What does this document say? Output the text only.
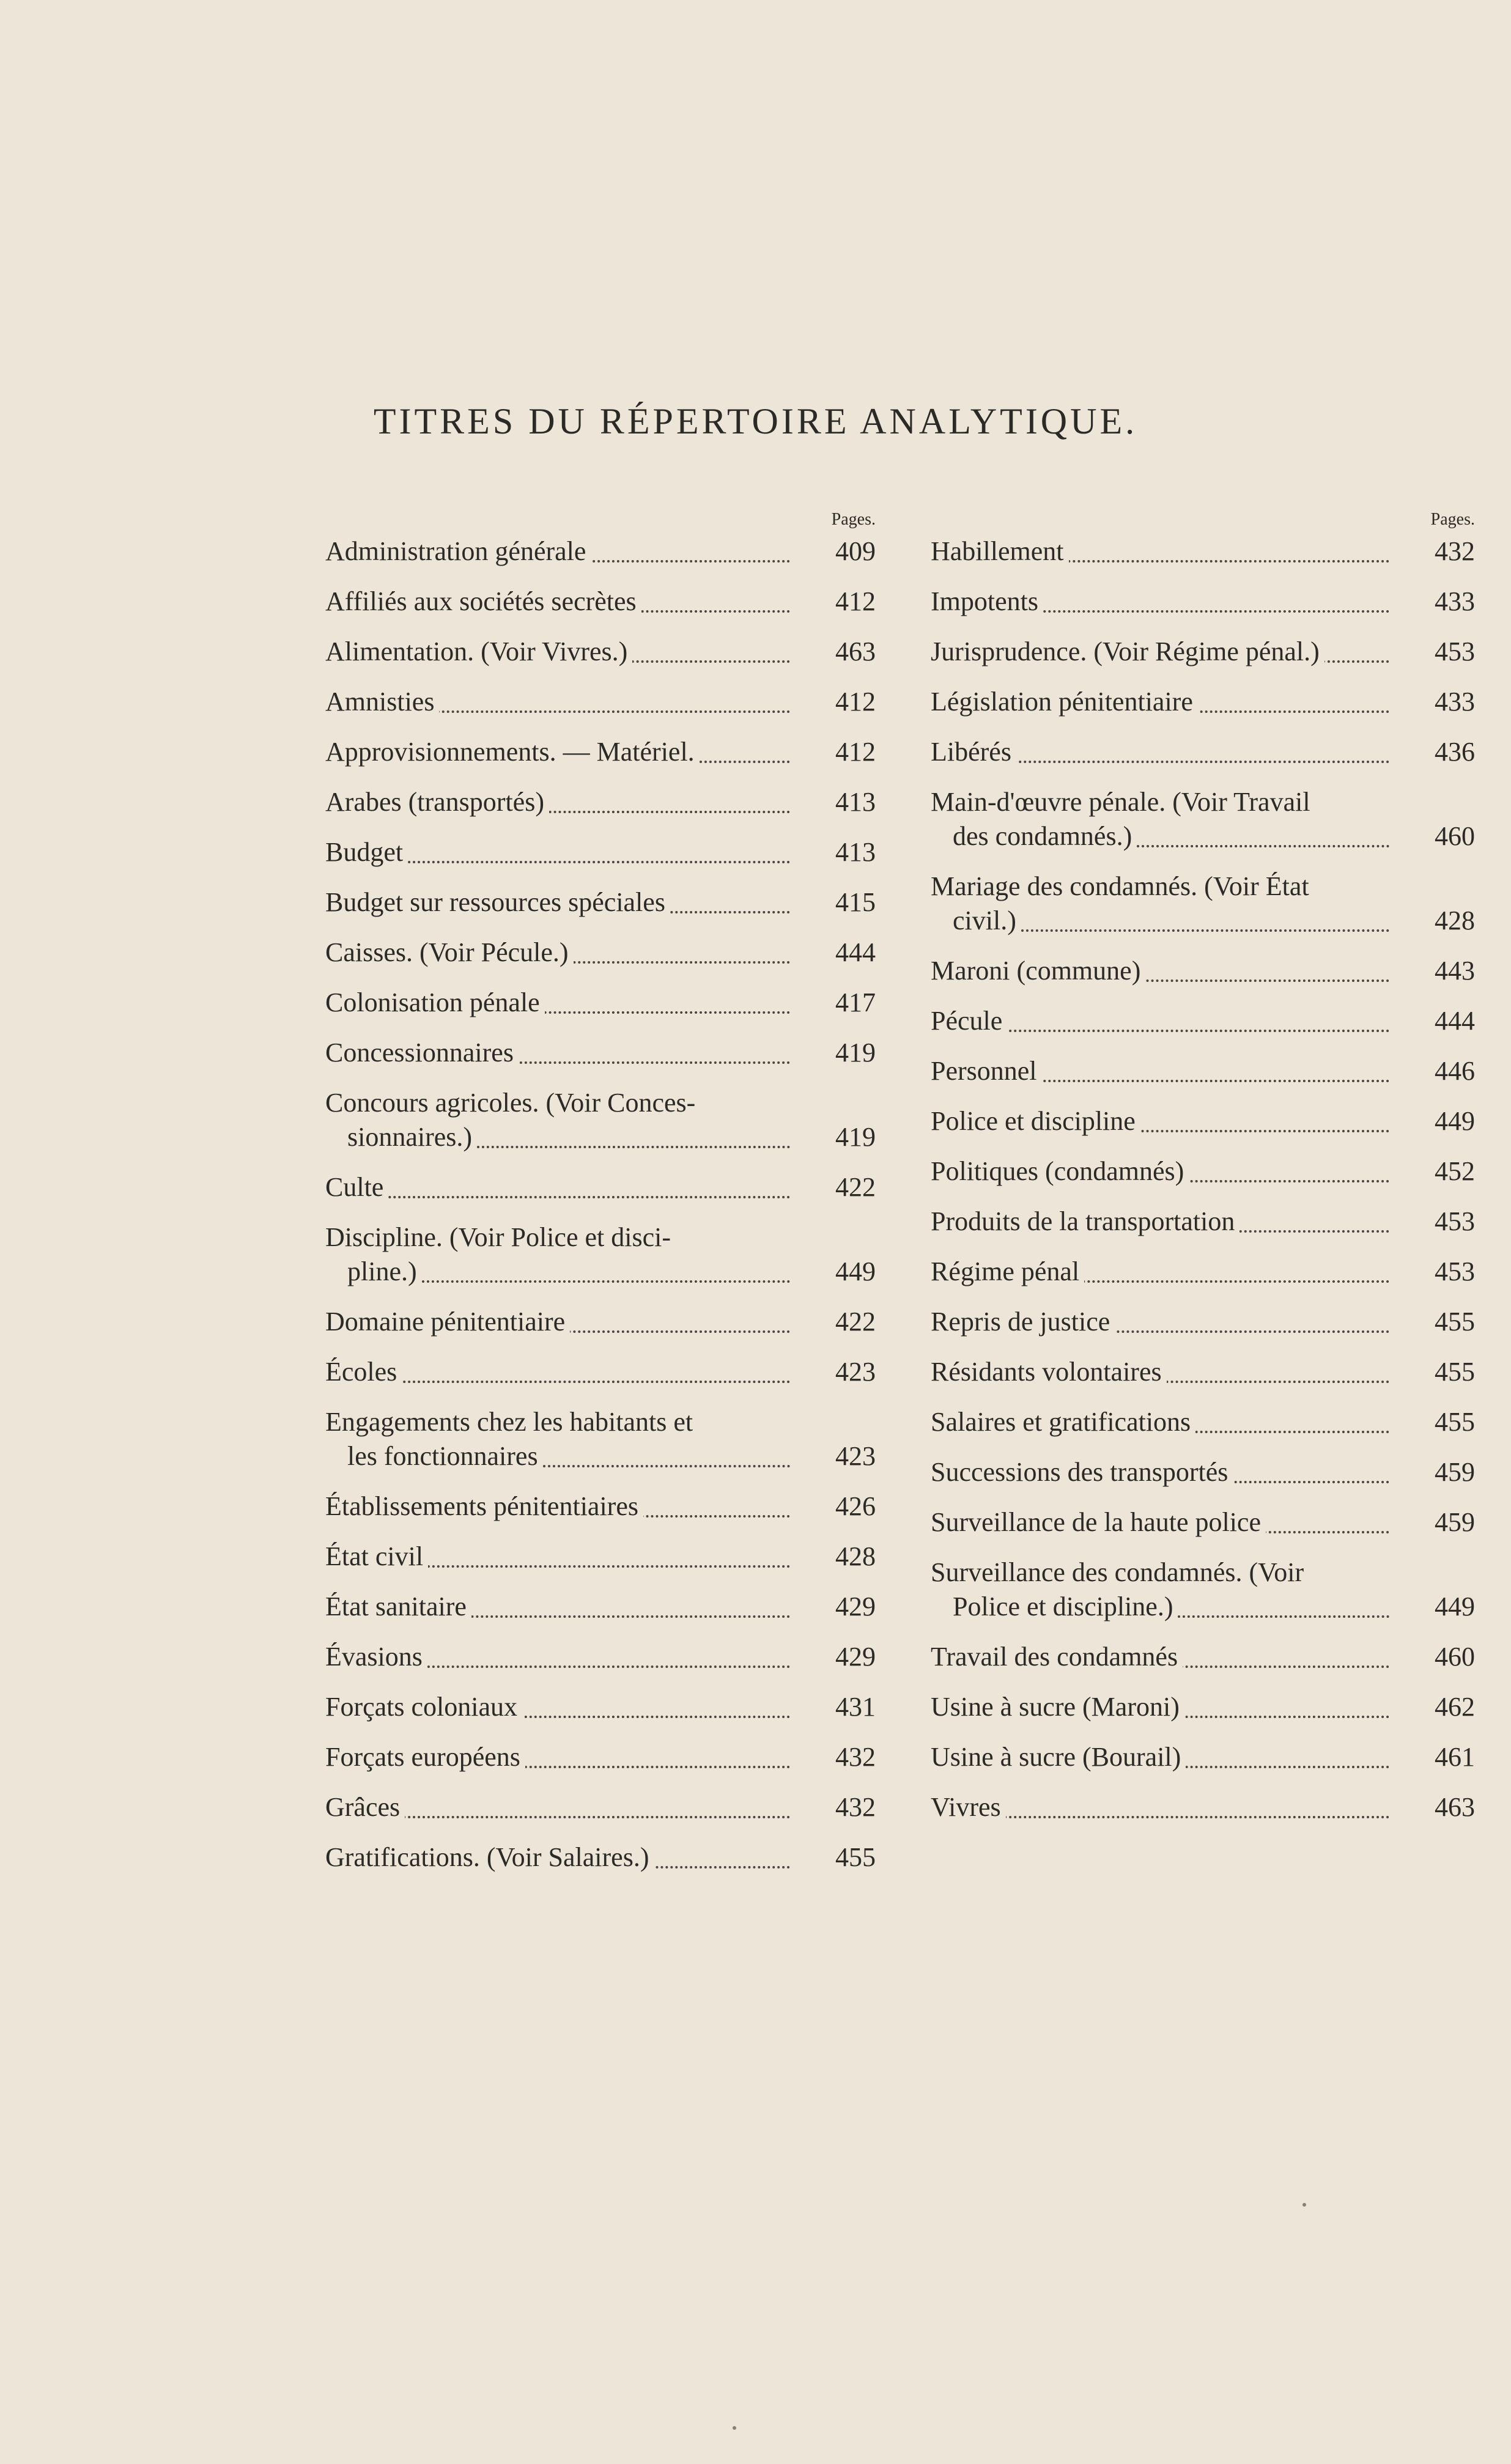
TITRES DU RÉPERTOIRE ANALYTIQUE.
Pages.
Administration générale	409
Affiliés aux sociétés secrètes	412
Alimentation. (Voir Vivres.)	463
Amnisties	412
Approvisionnements. — Matériel.	412
Arabes (transportés)	413
Budget	413
Budget sur ressources spéciales	415
Caisses. (Voir Pécule.)	444
Colonisation pénale	417
Concessionnaires	419
Concours agricoles. (Voir Conces-
sionnaires.)	419
Culte	422
Discipline. (Voir Police et disci-
pline.)	449
Domaine pénitentiaire	422
Écoles	423
Engagements chez les habitants et
les fonctionnaires	423
Établissements pénitentiaires	426
État civil	428
État sanitaire	429
Évasions	429
Forçats coloniaux	431
Forçats européens	432
Grâces	432
Gratifications. (Voir Salaires.)	455
Pages.
Habillement	432
Impotents	433
Jurisprudence. (Voir Régime pénal.)	453
Législation pénitentiaire	433
Libérés	436
Main-d'œuvre pénale. (Voir Travail
des condamnés.)	460
Mariage des condamnés. (Voir État
civil.)	428
Maroni (commune)	443
Pécule	444
Personnel	446
Police et discipline	449
Politiques (condamnés)	452
Produits de la transportation	453
Régime pénal	453
Repris de justice	455
Résidants volontaires	455
Salaires et gratifications	455
Successions des transportés	459
Surveillance de la haute police	459
Surveillance des condamnés. (Voir
Police et discipline.)	449
Travail des condamnés	460
Usine à sucre (Maroni)	462
Usine à sucre (Bourail)	461
Vivres	463
